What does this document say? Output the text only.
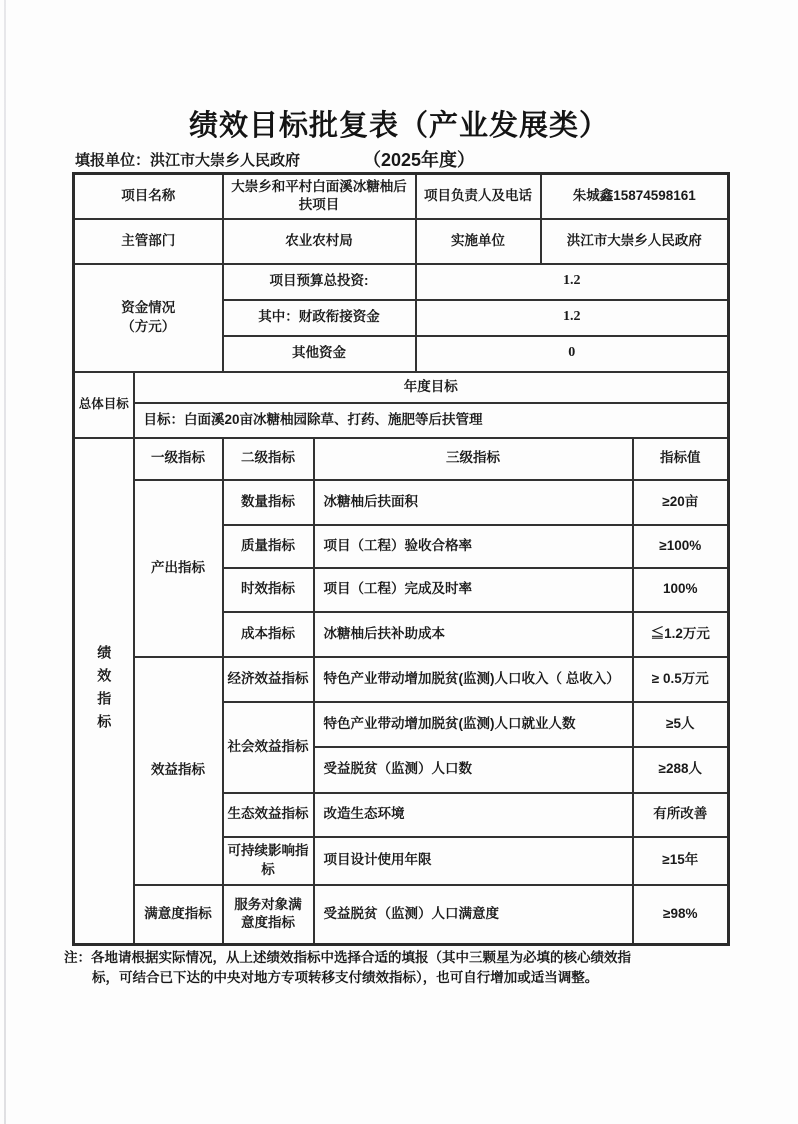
绩效目标批复表（产业发展类）
填报单位：洪江市大崇乡人民政府	（2025年度）
项目名称		大崇乡和平村白面溪冰糖柚后扶项目		项目负责人及电话	朱城鑫15874598161	
主管部门		农业农村局		实施单位	洪江市大崇乡人民政府	
资金情况
（方元）		项目预算总投资:		1.2		
		其中：财政衔接资金		1.2		
		其他资金		0		
总体目标	年度目标					
	目标：白面溪20亩冰糖柚园除草、打药、施肥等后扶管理					

绩效指标	一级指标	二级指标	三级指标			指标值
	产出指标	数量指标	冰糖柚后扶面积			≥20亩
		质量指标	项目（工程）验收合格率			≥100%
		时效指标	项目（工程）完成及时率			100%
		成本指标	冰糖柚后扶补助成本			≦1.2万元
	效益指标	经济效益指标	特色产业带动增加脱贫(监测)人口收入（ 总收入）			≥ 0.5万元
		社会效益指标	特色产业带动增加脱贫(监测)人口就业人数			≥5人
			受益脱贫（监测）人口数			≥288人
		生态效益指标	改造生态环境			有所改善
		可持续影响指标	项目设计使用年限			≥15年
	满意度指标	服务对象满意度指标	受益脱贫（监测）人口满意度			≥98%
注：各地请根据实际情况，从上述绩效指标中选择合适的填报（其中三颗星为必填的核心绩效指
标，可结合已下达的中央对地方专项转移支付绩效指标），也可自行增加或适当调整。
